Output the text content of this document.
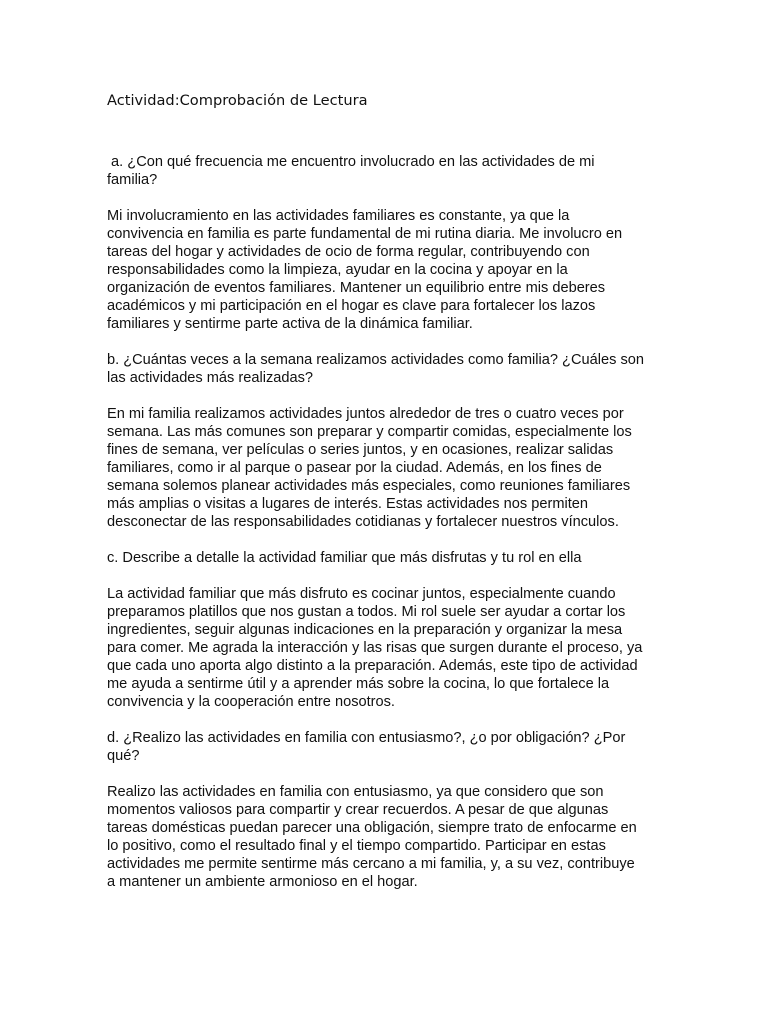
Actividad:Comprobación de Lectura

a. ¿Con qué frecuencia me encuentro involucrado en las actividades de mi
familia?

Mi involucramiento en las actividades familiares es constante, ya que la
convivencia en familia es parte fundamental de mi rutina diaria. Me involucro en
tareas del hogar y actividades de ocio de forma regular, contribuyendo con
responsabilidades como la limpieza, ayudar en la cocina y apoyar en la
organización de eventos familiares. Mantener un equilibrio entre mis deberes
académicos y mi participación en el hogar es clave para fortalecer los lazos
familiares y sentirme parte activa de la dinámica familiar.

b. ¿Cuántas veces a la semana realizamos actividades como familia? ¿Cuáles son
las actividades más realizadas?

En mi familia realizamos actividades juntos alrededor de tres o cuatro veces por
semana. Las más comunes son preparar y compartir comidas, especialmente los
fines de semana, ver películas o series juntos, y en ocasiones, realizar salidas
familiares, como ir al parque o pasear por la ciudad. Además, en los fines de
semana solemos planear actividades más especiales, como reuniones familiares
más amplias o visitas a lugares de interés. Estas actividades nos permiten
desconectar de las responsabilidades cotidianas y fortalecer nuestros vínculos.

c. Describe a detalle la actividad familiar que más disfrutas y tu rol en ella

La actividad familiar que más disfruto es cocinar juntos, especialmente cuando
preparamos platillos que nos gustan a todos. Mi rol suele ser ayudar a cortar los
ingredientes, seguir algunas indicaciones en la preparación y organizar la mesa
para comer. Me agrada la interacción y las risas que surgen durante el proceso, ya
que cada uno aporta algo distinto a la preparación. Además, este tipo de actividad
me ayuda a sentirme útil y a aprender más sobre la cocina, lo que fortalece la
convivencia y la cooperación entre nosotros.

d. ¿Realizo las actividades en familia con entusiasmo?, ¿o por obligación? ¿Por
qué?

Realizo las actividades en familia con entusiasmo, ya que considero que son
momentos valiosos para compartir y crear recuerdos. A pesar de que algunas
tareas domésticas puedan parecer una obligación, siempre trato de enfocarme en
lo positivo, como el resultado final y el tiempo compartido. Participar en estas
actividades me permite sentirme más cercano a mi familia, y, a su vez, contribuye
a mantener un ambiente armonioso en el hogar.
